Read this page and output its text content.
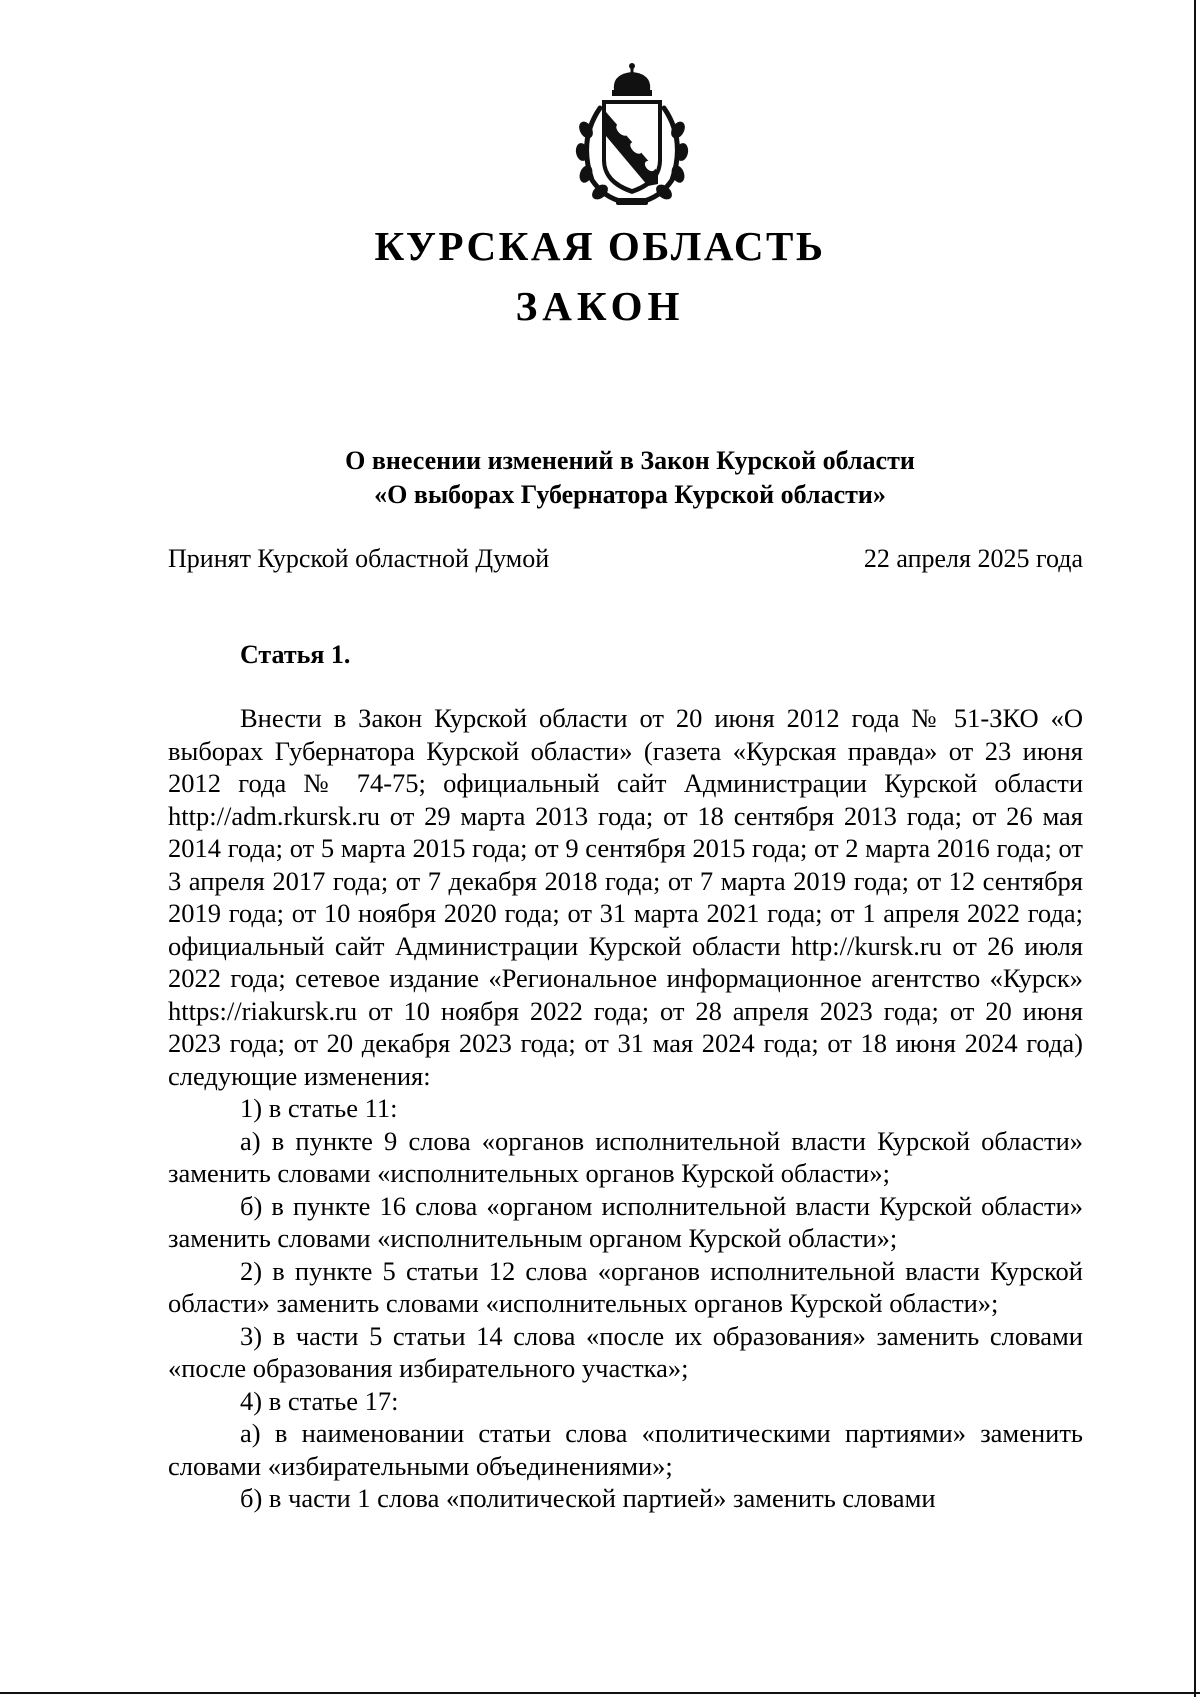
КУРСКАЯ ОБЛАСТЬ
ЗАКОН
О внесении изменений в Закон Курской области
«О выборах Губернатора Курской области»
Принят Курской областной Думой	22 апреля 2025 года
Статья 1.

Внести в Закон Курской области от 20 июня 2012 года № 51-ЗКО «О выборах Губернатора Курской области» (газета «Курская правда» от 23 июня 2012 года № 74-75; официальный сайт Администрации Курской области http://adm.rkursk.ru от 29 марта 2013 года; от 18 сентября 2013 года; от 26 мая 2014 года; от 5 марта 2015 года; от 9 сентября 2015 года; от 2 марта 2016 года; от 3 апреля 2017 года; от 7 декабря 2018 года; от 7 марта 2019 года; от 12 сентября 2019 года; от 10 ноября 2020 года; от 31 марта 2021 года; от 1 апреля 2022 года; официальный сайт Администрации Курской области http://kursk.ru от 26 июля 2022 года; сетевое издание «Региональное информационное агентство «Курск» https://riakursk.ru от 10 ноября 2022 года; от 28 апреля 2023 года; от 20 июня 2023 года; от 20 декабря 2023 года; от 31 мая 2024 года; от 18 июня 2024 года) следующие изменения:

1) в статье 11:

а) в пункте 9 слова «органов исполнительной власти Курской области» заменить словами «исполнительных органов Курской области»;

б) в пункте 16 слова «органом исполнительной власти Курской области» заменить словами «исполнительным органом Курской области»;

2) в пункте 5 статьи 12 слова «органов исполнительной власти Курской области» заменить словами «исполнительных органов Курской области»;

3) в части 5 статьи 14 слова «после их образования» заменить словами «после образования избирательного участка»;

4) в статье 17:

а) в наименовании статьи слова «политическими партиями» заменить словами «избирательными объединениями»;

б) в части 1 слова «политической партией» заменить словами
